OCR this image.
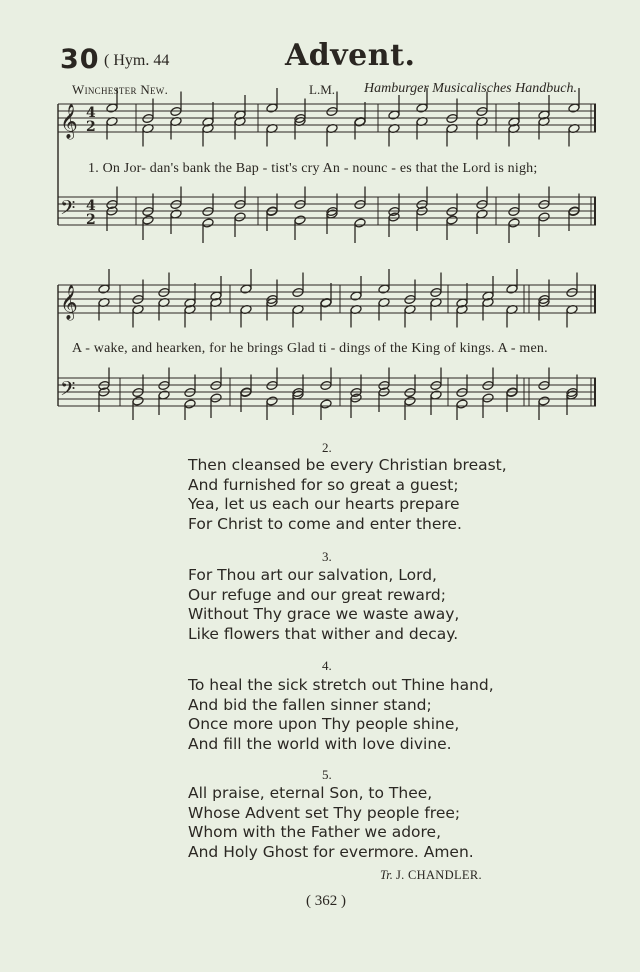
30 ( Hym. 44	Advent.
Winchester New.	L.M. Hamburger Musicalisches Handbuch.
𝄞
𝄢
𝄞
𝄢
4
2
4
2
1. On Jor- dan's bank the Bap - tist's cry An - nounc - es that the Lord is nigh;
A - wake, and hearken, for he brings Glad ti - dings of the King of kings. A - men.
2.
Then cleansed be every Christian breast,
And furnished for so great a guest;
Yea, let us each our hearts prepare
For Christ to come and enter there.
3.
For Thou art our salvation, Lord,
Our refuge and our great reward;
Without Thy grace we waste away,
Like flowers that wither and decay.
4.
To heal the sick stretch out Thine hand,
And bid the fallen sinner stand;
Once more upon Thy people shine,
And fill the world with love divine.
5.
All praise, eternal Son, to Thee,
Whose Advent set Thy people free;
Whom with the Father we adore,
And Holy Ghost for evermore. Amen.
Tr. J. CHANDLER.
( 362 )
